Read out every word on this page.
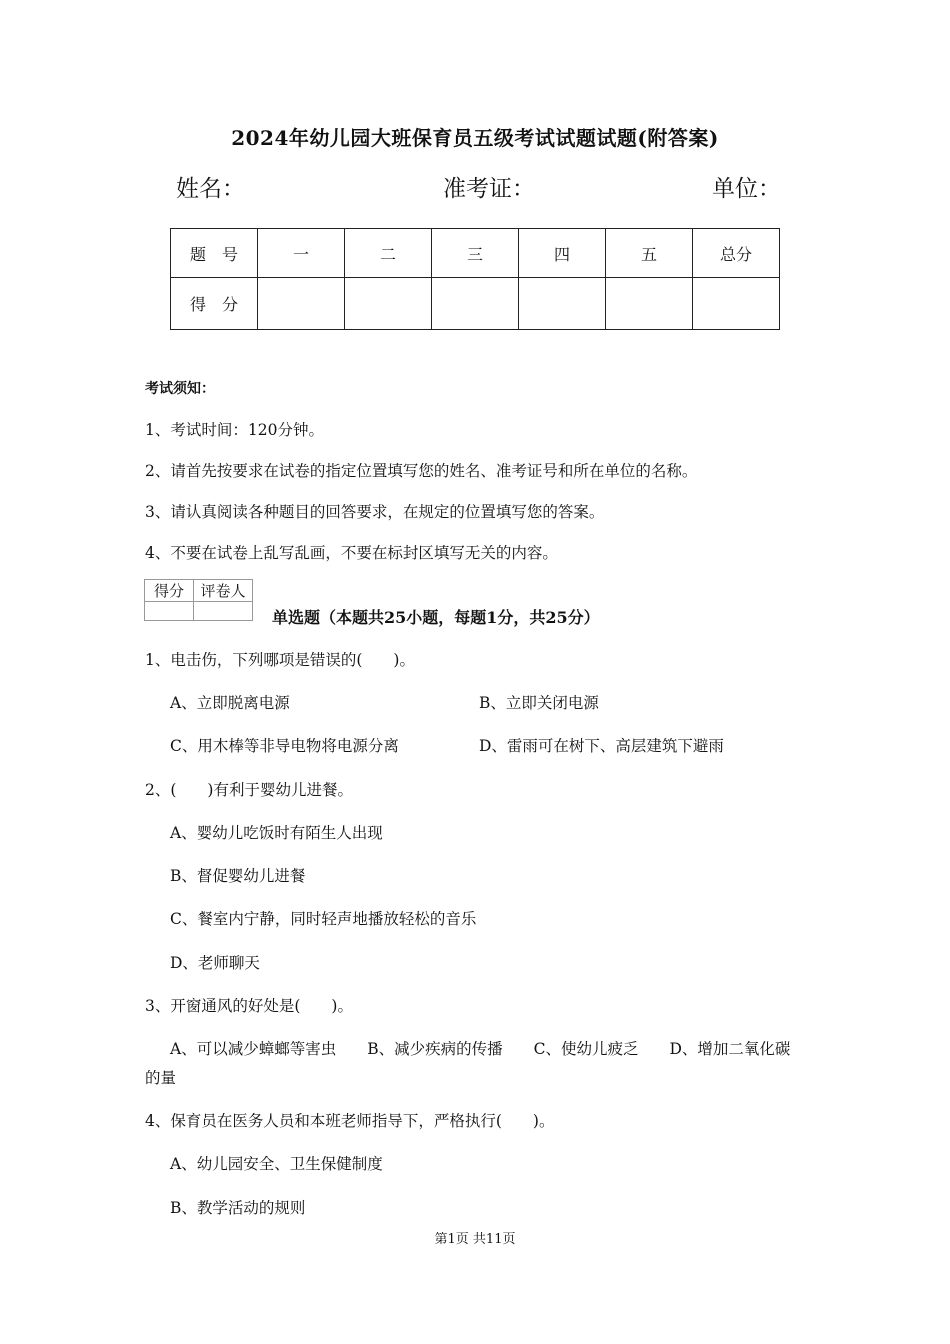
2024年幼儿园大班保育员五级考试试题试题(附答案)
姓名：	准考证：	单位：
题　号	一	二	三	四	五	总分
得　分						
考试须知：
1、考试时间：120分钟。
2、请首先按要求在试卷的指定位置填写您的姓名、准考证号和所在单位的名称。
3、请认真阅读各种题目的回答要求，在规定的位置填写您的答案。
4、不要在试卷上乱写乱画，不要在标封区填写无关的内容。
得分	评卷人

单选题（本题共25小题，每题1分，共25分）
1、电击伤，下列哪项是错误的(　　)。
A、立即脱离电源	B、立即关闭电源
C、用木棒等非导电物将电源分离	D、雷雨可在树下、高层建筑下避雨
2、(　　)有利于婴幼儿进餐。
A、婴幼儿吃饭时有陌生人出现
B、督促婴幼儿进餐
C、餐室内宁静，同时轻声地播放轻松的音乐
D、老师聊天
3、开窗通风的好处是(　　)。
A、可以减少蟑螂等害虫　　B、减少疾病的传播　　C、使幼儿疲乏　　D、增加二氧化碳
的量
4、保育员在医务人员和本班老师指导下，严格执行(　　)。
A、幼儿园安全、卫生保健制度
B、教学活动的规则
第1页 共11页
